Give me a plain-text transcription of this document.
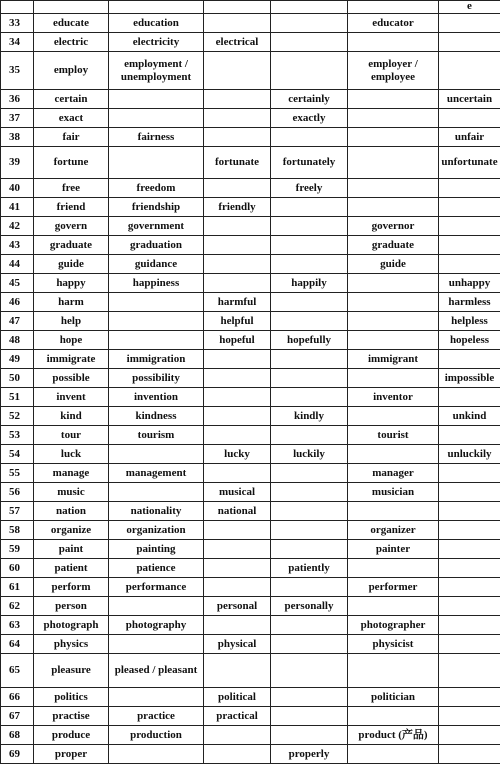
						e
33	educate	education			educator	
34	electric	electricity	electrical			
35	employ	employment / unemployment			employer / employee	
36	certain			certainly		uncertain
37	exact			exactly		
38	fair	fairness				unfair
39	fortune		fortunate	fortunately		unfortunate
40	free	freedom		freely		
41	friend	friendship	friendly			
42	govern	government			governor	
43	graduate	graduation			graduate	
44	guide	guidance			guide	
45	happy	happiness		happily		unhappy
46	harm		harmful			harmless
47	help		helpful			helpless
48	hope		hopeful	hopefully		hopeless
49	immigrate	immigration			immigrant	
50	possible	possibility				impossible
51	invent	invention			inventor	
52	kind	kindness		kindly		unkind
53	tour	tourism			tourist	
54	luck		lucky	luckily		unluckily
55	manage	management			manager	
56	music		musical		musician	
57	nation	nationality	national			
58	organize	organization			organizer	
59	paint	painting			painter	
60	patient	patience		patiently		
61	perform	performance			performer	
62	person		personal	personally		
63	photograph	photography			photographer	
64	physics		physical		physicist	
65	pleasure	pleased / pleasant				
66	politics		political		politician	
67	practise	practice	practical			
68	produce	production			product (产品)	
69	proper			properly		
